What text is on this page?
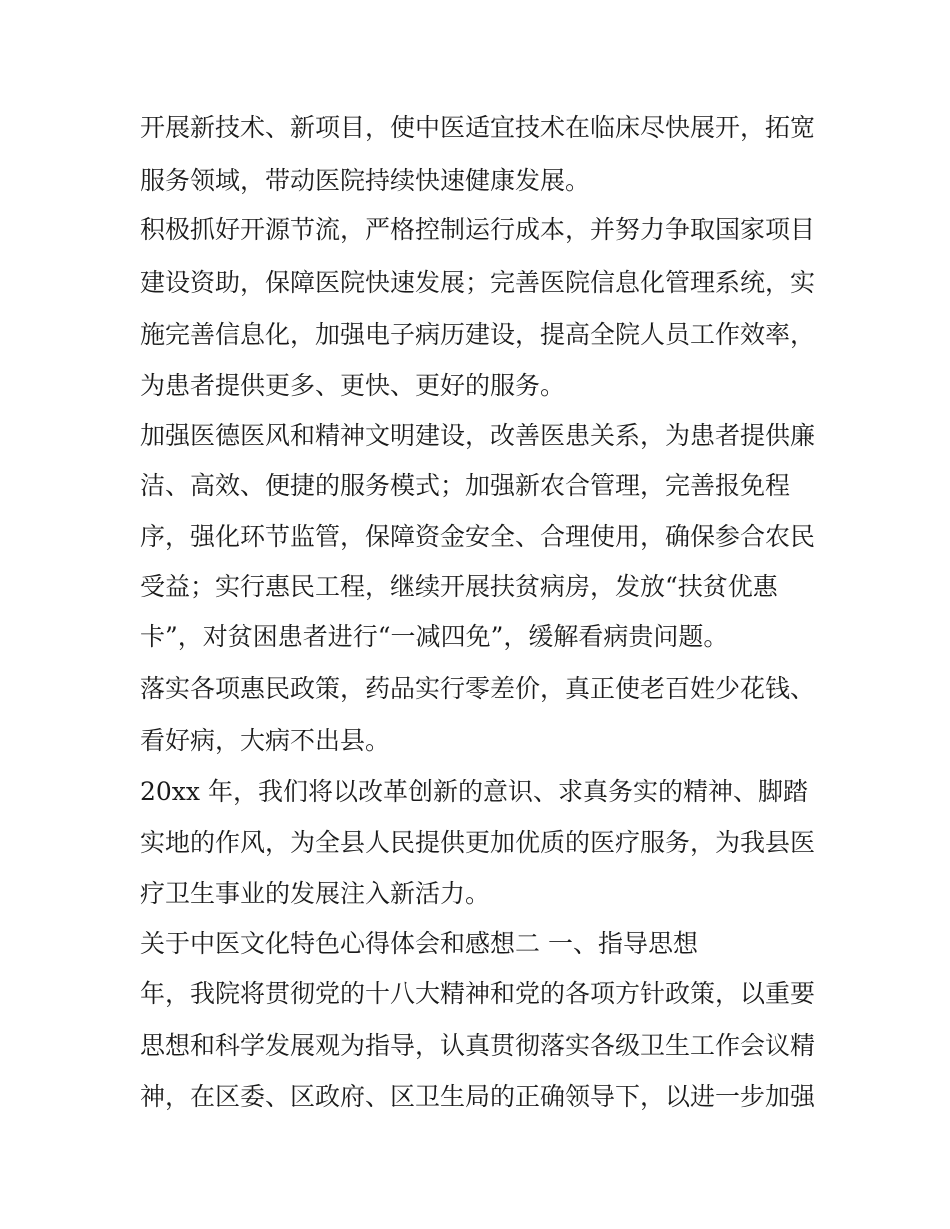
开展新技术、新项目，使中医适宜技术在临床尽快展开，拓宽

服务领域，带动医院持续快速健康发展。

积极抓好开源节流，严格控制运行成本，并努力争取国家项目

建设资助，保障医院快速发展；完善医院信息化管理系统，实

施完善信息化，加强电子病历建设，提高全院人员工作效率，

为患者提供更多、更快、更好的服务。

加强医德医风和精神文明建设，改善医患关系，为患者提供廉

洁、高效、便捷的服务模式；加强新农合管理，完善报免程

序，强化环节监管，保障资金安全、合理使用，确保参合农民

受益；实行惠民工程，继续开展扶贫病房，发放“扶贫优惠

卡”，对贫困患者进行“一减四免”，缓解看病贵问题。

落实各项惠民政策，药品实行零差价，真正使老百姓少花钱、

看好病，大病不出县。

20xx 年，我们将以改革创新的意识、求真务实的精神、脚踏

实地的作风，为全县人民提供更加优质的医疗服务，为我县医

疗卫生事业的发展注入新活力。

关于中医文化特色心得体会和感想二 一、指导思想

年，我院将贯彻党的十八大精神和党的各项方针政策，以重要

思想和科学发展观为指导，认真贯彻落实各级卫生工作会议精

神，在区委、区政府、区卫生局的正确领导下，以进一步加强
